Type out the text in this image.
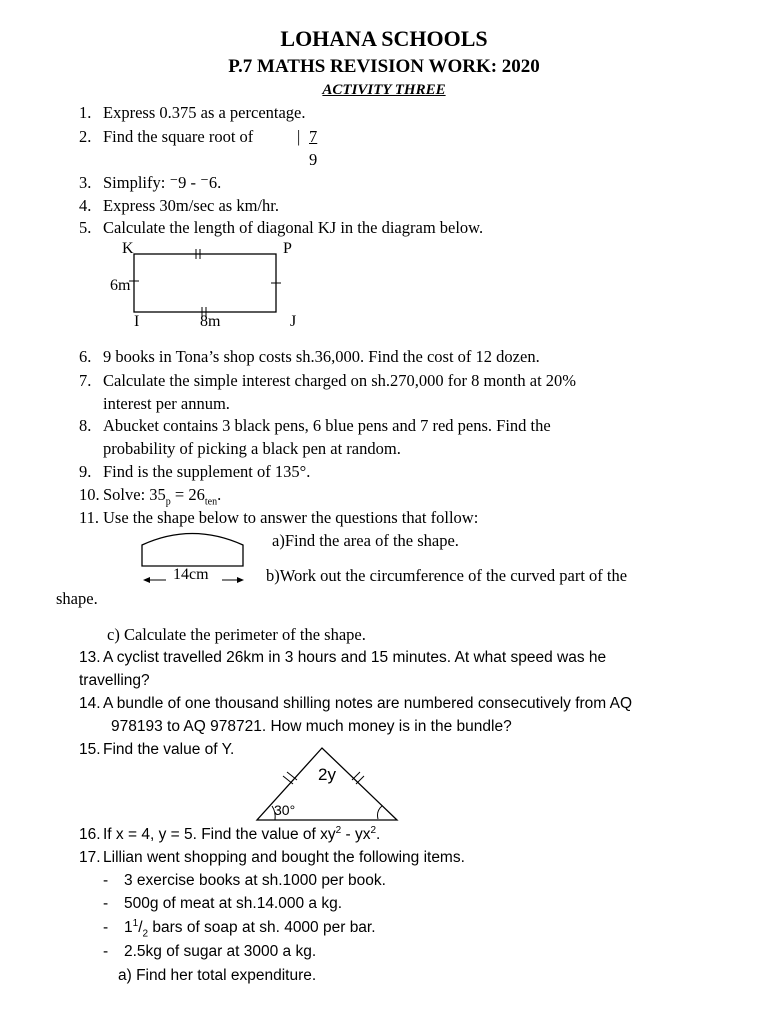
LOHANA SCHOOLS
P.7 MATHS REVISION WORK: 2020
ACTIVITY THREE
1. Express 0.375 as a percentage.
2. Find the square root of	| 7
9
3. Simplify: ⁻9 - ⁻6.
4. Express 30m/sec as km/hr.
5. Calculate the length of diagonal KJ in the diagram below.
K	P
6m
I	8m	J
6. 9 books in Tona’s shop costs sh.36,000. Find the cost of 12 dozen.
7. Calculate the simple interest charged on sh.270,000 for 8 month at 20%
interest per annum.
8. Abucket contains 3 black pens, 6 blue pens and 7 red pens. Find the
probability of picking a black pen at random.
9. Find is the supplement of 135°.
10. Solve: $35_p = 26_{ten}$.
11. Use the shape below to answer the questions that follow:
a)Find the area of the shape.
14cm	b)Work out the circumference of the curved part of the
shape.
c) Calculate the perimeter of the shape.
13. A cyclist travelled 26km in 3 hours and 15 minutes. At what speed was he
travelling?
14. A bundle of one thousand shilling notes are numbered consecutively from AQ
978193 to AQ 978721. How much money is in the bundle?
15. Find the value of Y.
2y
30°
16. If x = 4, y = 5. Find the value of $xy^2 - yx^2$.
17. Lillian went shopping and bought the following items.
- 3 exercise books at sh.1000 per book.
- 500g of meat at sh.14.000 a kg.
- $1^1/_2$ bars of soap at sh. 4000 per bar.
- 2.5kg of sugar at 3000 a kg.
a) Find her total expenditure.
